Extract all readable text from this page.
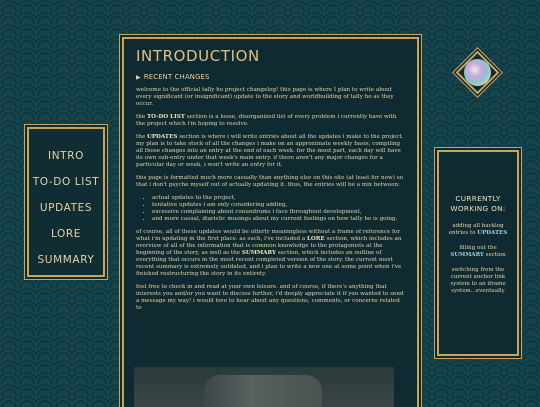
INTRO
TO-DO LIST
UPDATES
LORE
SUMMARY
INTRODUCTION
▶ RECENT CHANGES

welcome to the official tally ho project changelog! this page is where I plan to write about every significant (or insignificant) update to the story and worldbuilding of tally ho as they occur.

the TO-DO LIST section is a loose, disorganized list of every problem i currently have with the project which i'm hoping to resolve.

the UPDATES section is where i will write entries about all the updates i make to the project. my plan is to take stock of all the changes i make on an approximate weekly basis, compiling all those changes into an entry at the end of each week. for the most part, each day will have its own sub-entry under that week's main entry. if there aren't any major changes for a particular day or week, i won't write an entry for it.

this page is formatted much more casually than anything else on this site (at least for now) so that i don't psyche myself out of actually updating it. thus, the entries will be a mix between:

• actual updates to the project,
• tentative updates i am only considering adding,
• excessive complaining about conundrums i face throughout development,
• and more casual, diaristic musings about my current feelings on how tally ho is going.

of course, all of these updates would be utterly meaningless without a frame of reference for what i'm updating in the first place. as such, i've included a LORE section, which includes an overview of all of the information that is common knowledge to the protagonists at the beginning of the story, as well as the SUMMARY section, which includes an outline of everything that occurs in the most recent completed version of the story. the current most recent summary is extremely outdated, and i plan to write a new one at some point when i've finished restructuring the story in its entirety.

feel free to check in and read at your own leisure. and of course, if there's anything that interests you and/or you want to discuss further, i'd deeply appreciate it if you wanted to send a message my way! i would love to hear about any questions, comments, or concerns related to

CURRENTLY WORKING ON:

adding all backlog entries to UPDATES

filling out the SUMMARY section

switching from the current anchor link system to an iframe system...eventually
